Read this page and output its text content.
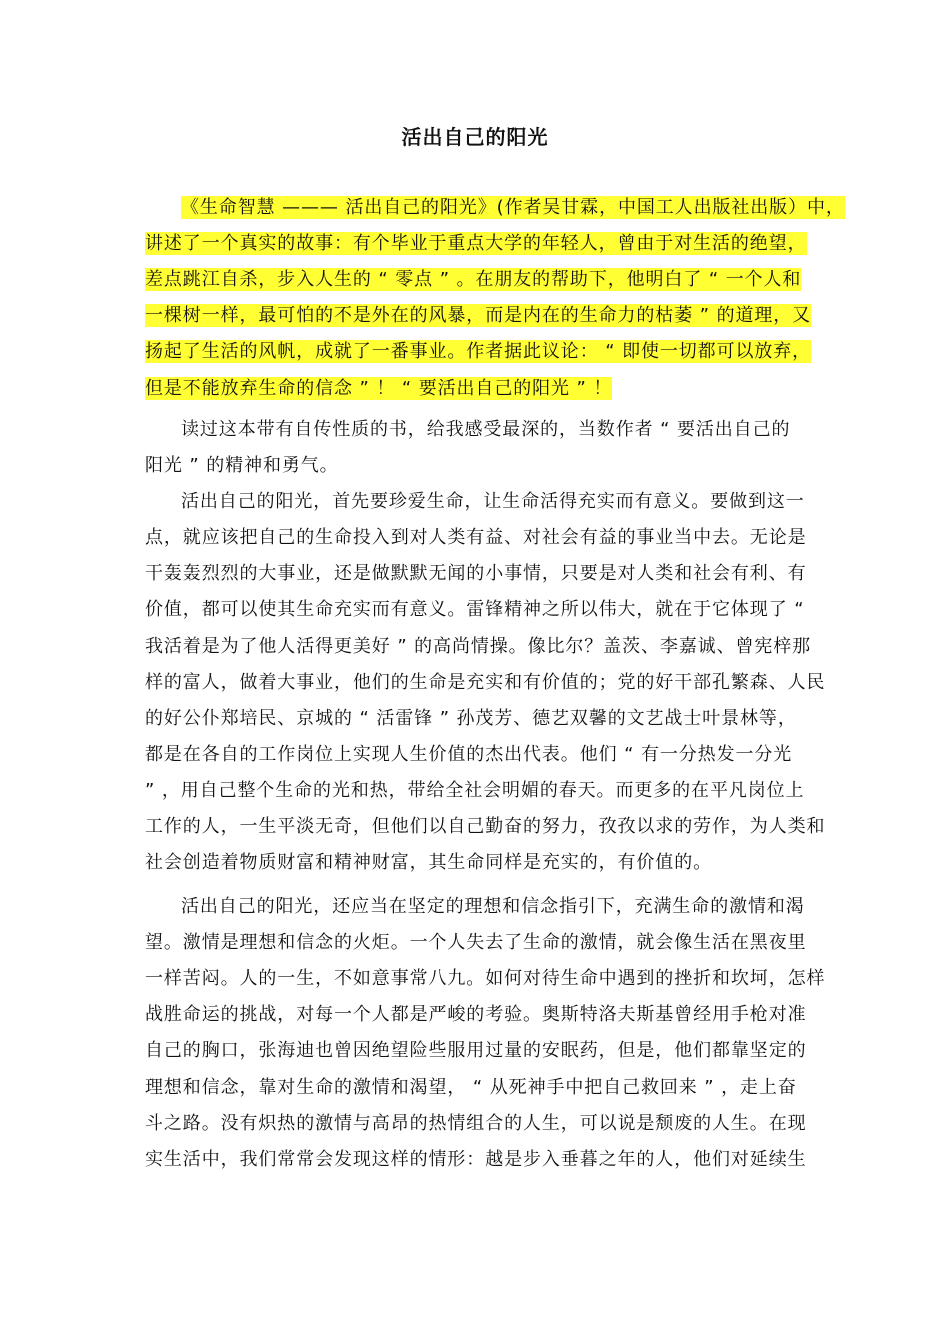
活出自己的阳光
《生命智慧 ——— 活出自己的阳光》(作者吴甘霖，中国工人出版社出版）中，
讲述了一个真实的故事：有个毕业于重点大学的年轻人，曾由于对生活的绝望，
差点跳江自杀，步入人生的 “ 零点 ” 。在朋友的帮助下，他明白了 “ 一个人和
一棵树一样，最可怕的不是外在的风暴，而是内在的生命力的枯萎 ” 的道理，又
扬起了生活的风帆，成就了一番事业。作者据此议论： “ 即使一切都可以放弃，
但是不能放弃生命的信念 ” ！ “ 要活出自己的阳光 ” ！
读过这本带有自传性质的书，给我感受最深的，当数作者 “ 要活出自己的
阳光 ” 的精神和勇气。
活出自己的阳光，首先要珍爱生命，让生命活得充实而有意义。要做到这一
点，就应该把自己的生命投入到对人类有益、对社会有益的事业当中去。无论是
干轰轰烈烈的大事业，还是做默默无闻的小事情，只要是对人类和社会有利、有
价值，都可以使其生命充实而有意义。雷锋精神之所以伟大，就在于它体现了 “
我活着是为了他人活得更美好 ” 的高尚情操。像比尔？盖茨、李嘉诚、曾宪梓那
样的富人，做着大事业，他们的生命是充实和有价值的；党的好干部孔繁森、人民
的好公仆郑培民、京城的 “ 活雷锋 ” 孙茂芳、德艺双馨的文艺战士叶景林等，
都是在各自的工作岗位上实现人生价值的杰出代表。他们 “ 有一分热发一分光
” ，用自己整个生命的光和热，带给全社会明媚的春天。而更多的在平凡岗位上
工作的人，一生平淡无奇，但他们以自己勤奋的努力，孜孜以求的劳作，为人类和
社会创造着物质财富和精神财富，其生命同样是充实的，有价值的。
活出自己的阳光，还应当在坚定的理想和信念指引下，充满生命的激情和渴
望。激情是理想和信念的火炬。一个人失去了生命的激情，就会像生活在黑夜里
一样苦闷。人的一生，不如意事常八九。如何对待生命中遇到的挫折和坎坷，怎样
战胜命运的挑战，对每一个人都是严峻的考验。奥斯特洛夫斯基曾经用手枪对准
自己的胸口，张海迪也曾因绝望险些服用过量的安眠药，但是，他们都靠坚定的
理想和信念，靠对生命的激情和渴望， “ 从死神手中把自己救回来 ” ，走上奋
斗之路。没有炽热的激情与高昂的热情组合的人生，可以说是颓废的人生。在现
实生活中，我们常常会发现这样的情形：越是步入垂暮之年的人，他们对延续生
